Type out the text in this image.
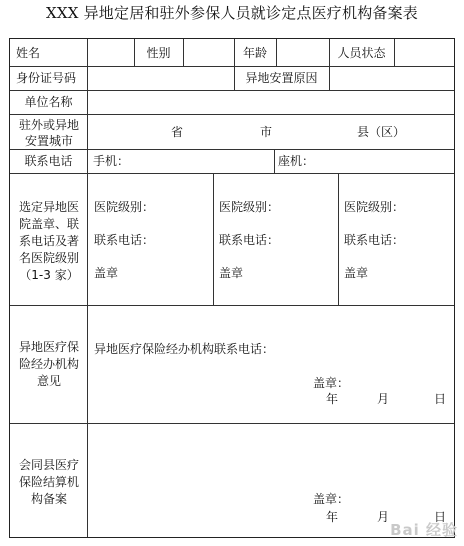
XXX 异地定居和驻外参保人员就诊定点医疗机构备案表
姓名	性别	年龄	人员状态
身份证号码	异地安置原因
单位名称
驻外或异地安置城市
省	市	县（区）
联系电话	手机：	座机：
选定异地医院盖章、联系电话及著名医院级别（1-3 家）
医院级别：
联系电话：
盖章
医院级别：
联系电话：
盖章
医院级别：
联系电话：
盖章
异地医疗保险经办机构意见
异地医疗保险经办机构联系电话：
盖章：
年	月	日
会同县医疗保险结算机构备案	盖章：
年	月	日
Bai 经验
